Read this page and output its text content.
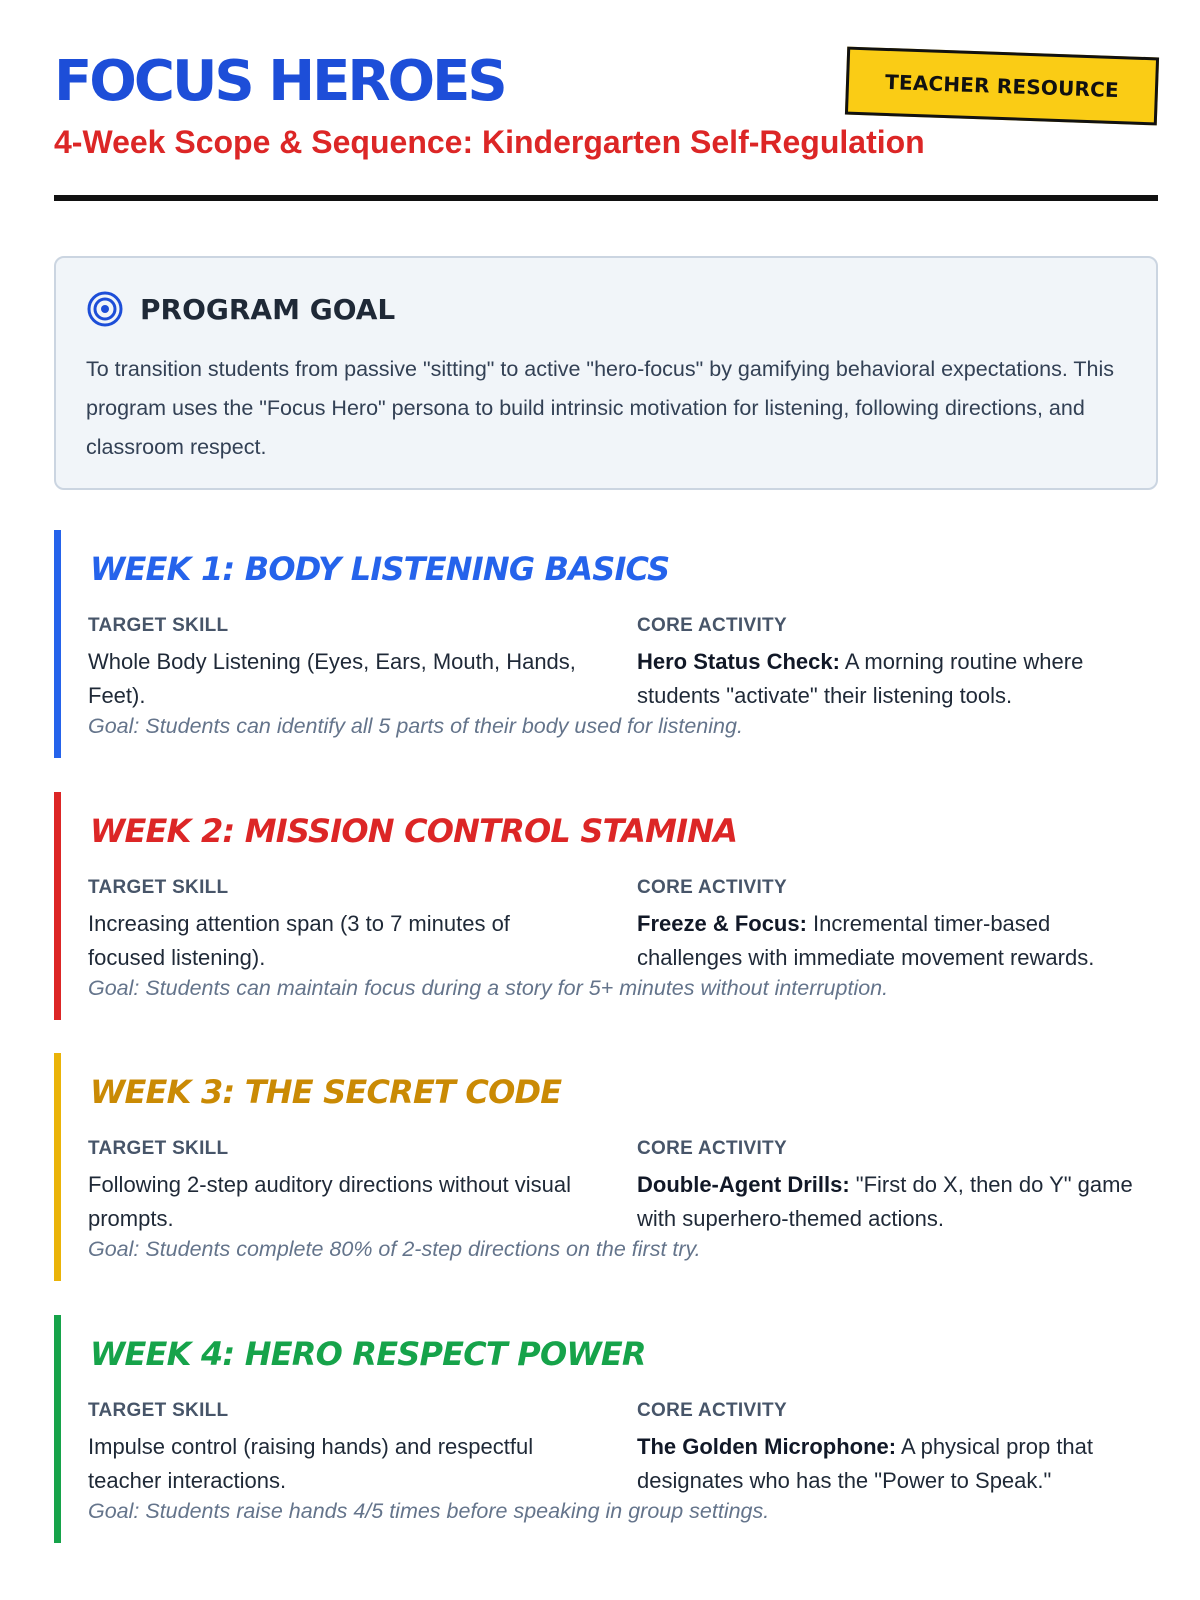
FOCUS HEROES
4-Week Scope & Sequence: Kindergarten Self-Regulation
TEACHER RESOURCE
PROGRAM GOAL

To transition students from passive "sitting" to active "hero-focus" by gamifying behavioral expectations. This program uses the "Focus Hero" persona to build intrinsic motivation for listening, following directions, and classroom respect.

WEEK 1: BODY LISTENING BASICS

TARGET SKILL

Whole Body Listening (Eyes, Ears, Mouth, Hands, Feet).

CORE ACTIVITY

Hero Status Check: A morning routine where students "activate" their listening tools.

Goal: Students can identify all 5 parts of their body used for listening.

WEEK 2: MISSION CONTROL STAMINA

TARGET SKILL

Increasing attention span (3 to 7 minutes of focused listening).

CORE ACTIVITY

Freeze & Focus: Incremental timer-based challenges with immediate movement rewards.

Goal: Students can maintain focus during a story for 5+ minutes without interruption.

WEEK 3: THE SECRET CODE

TARGET SKILL

Following 2-step auditory directions without visual prompts.

CORE ACTIVITY

Double-Agent Drills: "First do X, then do Y" game with superhero-themed actions.

Goal: Students complete 80% of 2-step directions on the first try.

WEEK 4: HERO RESPECT POWER

TARGET SKILL

Impulse control (raising hands) and respectful teacher interactions.

CORE ACTIVITY

The Golden Microphone: A physical prop that designates who has the "Power to Speak."

Goal: Students raise hands 4/5 times before speaking in group settings.
